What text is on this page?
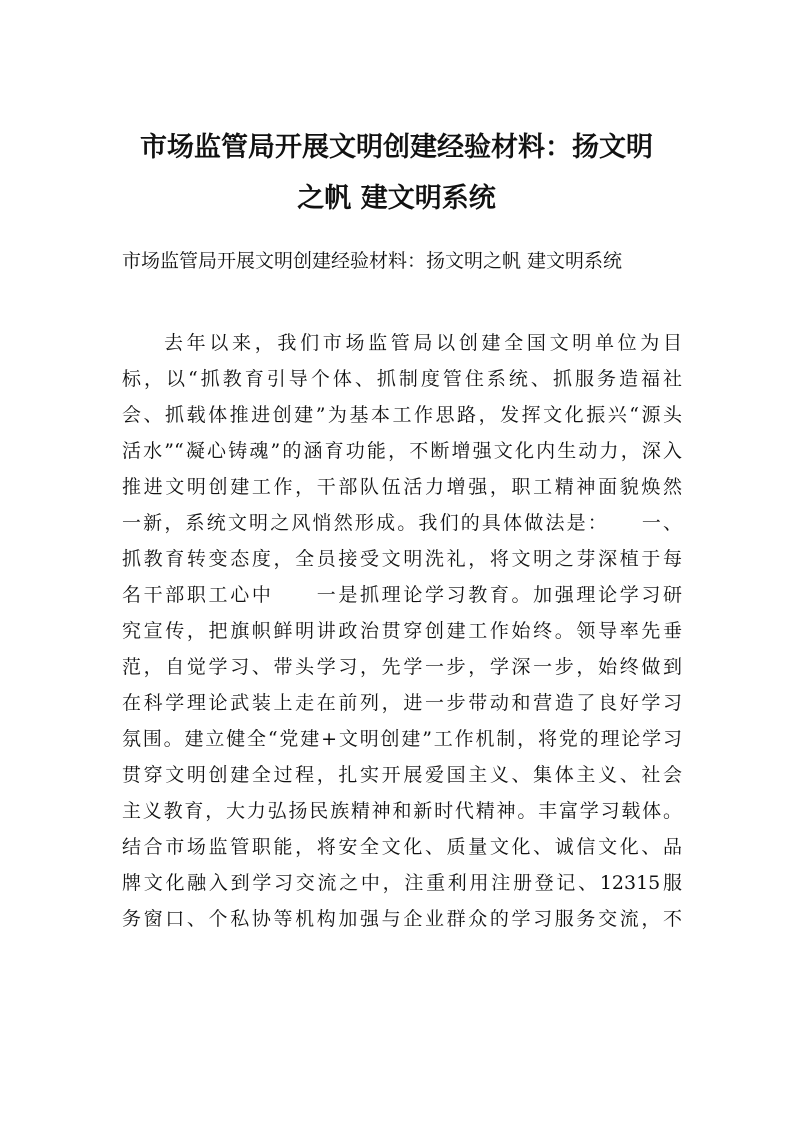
市场监管局开展文明创建经验材料：扬文明
之帆 建文明系统
市场监管局开展文明创建经验材料：扬文明之帆 建文明系统
去年以来，我们市场监管局以创建全国文明单位为目
标，以“抓教育引导个体、抓制度管住系统、抓服务造福社
会、抓载体推进创建”为基本工作思路，发挥文化振兴“源头
活水”“凝心铸魂”的涵育功能，不断增强文化内生动力，深入
推进文明创建工作，干部队伍活力增强，职工精神面貌焕然
一新，系统文明之风悄然形成。我们的具体做法是：　　一、
抓教育转变态度，全员接受文明洗礼，将文明之芽深植于每
名干部职工心中　　一是抓理论学习教育。加强理论学习研
究宣传，把旗帜鲜明讲政治贯穿创建工作始终。领导率先垂
范，自觉学习、带头学习，先学一步，学深一步，始终做到
在科学理论武装上走在前列，进一步带动和营造了良好学习
氛围。建立健全“党建+文明创建”工作机制，将党的理论学习
贯穿文明创建全过程，扎实开展爱国主义、集体主义、社会
主义教育，大力弘扬民族精神和新时代精神。丰富学习载体。
结合市场监管职能，将安全文化、质量文化、诚信文化、品
牌文化融入到学习交流之中，注重利用注册登记、12315服
务窗口、个私协等机构加强与企业群众的学习服务交流，不
